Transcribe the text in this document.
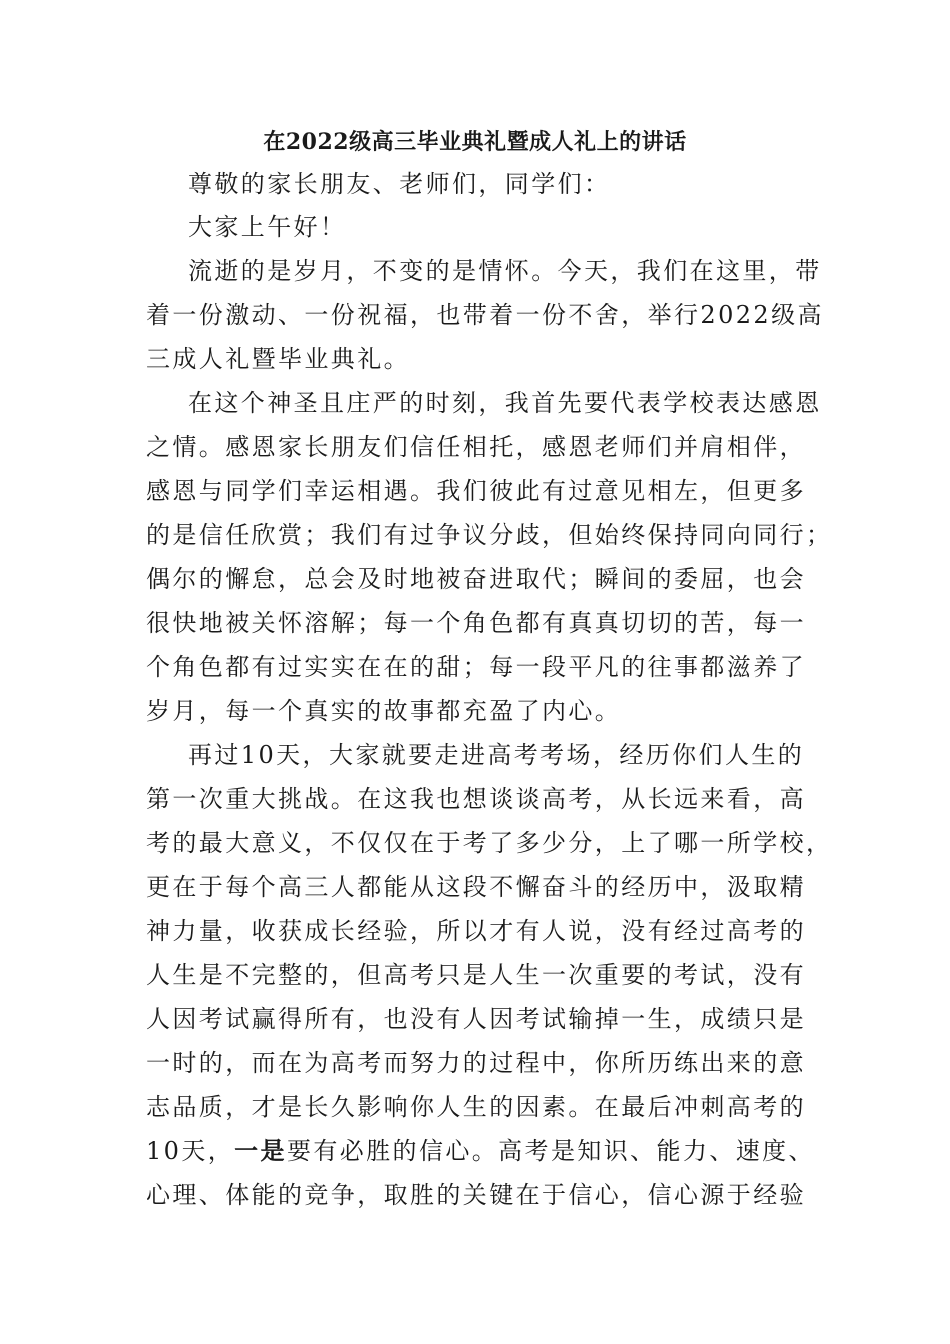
在2022级高三毕业典礼暨成人礼上的讲话
尊敬的家长朋友、老师们，同学们：
大家上午好！
流逝的是岁月，不变的是情怀。今天，我们在这里，带
着一份激动、一份祝福，也带着一份不舍，举行2022级高
三成人礼暨毕业典礼。
在这个神圣且庄严的时刻，我首先要代表学校表达感恩
之情。感恩家长朋友们信任相托，感恩老师们并肩相伴，
感恩与同学们幸运相遇。我们彼此有过意见相左，但更多
的是信任欣赏；我们有过争议分歧，但始终保持同向同行；
偶尔的懈怠，总会及时地被奋进取代；瞬间的委屈，也会
很快地被关怀溶解；每一个角色都有真真切切的苦，每一
个角色都有过实实在在的甜；每一段平凡的往事都滋养了
岁月，每一个真实的故事都充盈了内心。
再过10天，大家就要走进高考考场，经历你们人生的
第一次重大挑战。在这我也想谈谈高考，从长远来看，高
考的最大意义，不仅仅在于考了多少分，上了哪一所学校，
更在于每个高三人都能从这段不懈奋斗的经历中，汲取精
神力量，收获成长经验，所以才有人说，没有经过高考的
人生是不完整的，但高考只是人生一次重要的考试，没有
人因考试赢得所有，也没有人因考试输掉一生，成绩只是
一时的，而在为高考而努力的过程中，你所历练出来的意
志品质，才是长久影响你人生的因素。在最后冲刺高考的
10天，一是要有必胜的信心。高考是知识、能力、速度、
心理、体能的竞争，取胜的关键在于信心，信心源于经验
